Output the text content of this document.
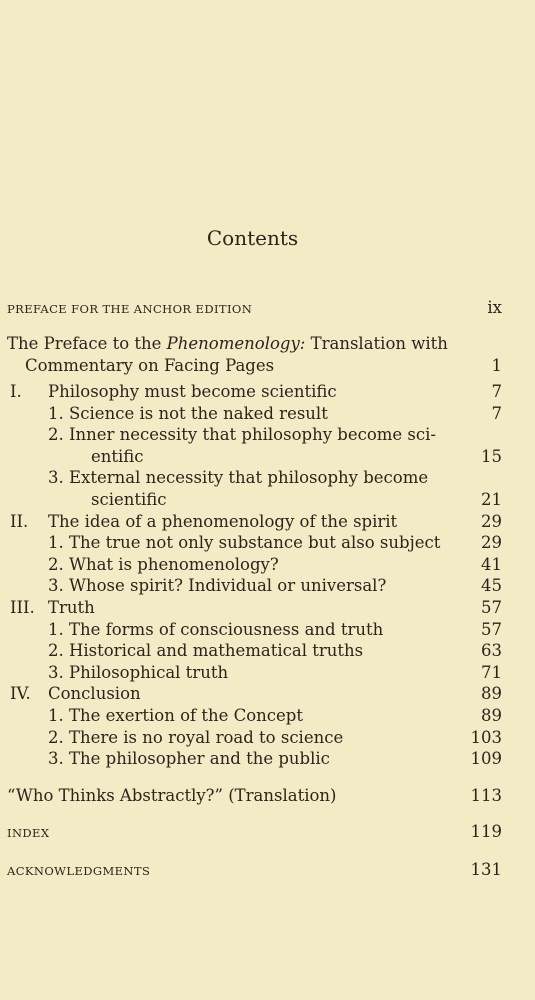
Contents
PREFACE FOR THE ANCHOR EDITION	ix
The Preface to the Phenomenology: Translation with
Commentary on Facing Pages	1
I. Philosophy must become scientific	7
1. Science is not the naked result	7
2. Inner necessity that philosophy become sci-
entific	15
3. External necessity that philosophy become
scientific	21
II. The idea of a phenomenology of the spirit	29
1. The true not only substance but also subject 29
2. What is phenomenology?	41
3. Whose spirit? Individual or universal?	45
III. Truth	57
1. The forms of consciousness and truth	57
2. Historical and mathematical truths	63
3. Philosophical truth	71
IV. Conclusion	89
1. The exertion of the Concept	89
2. There is no royal road to science	103
3. The philosopher and the public	109
“Who Thinks Abstractly?” (Translation)	113
INDEX	119
ACKNOWLEDGMENTS	131
